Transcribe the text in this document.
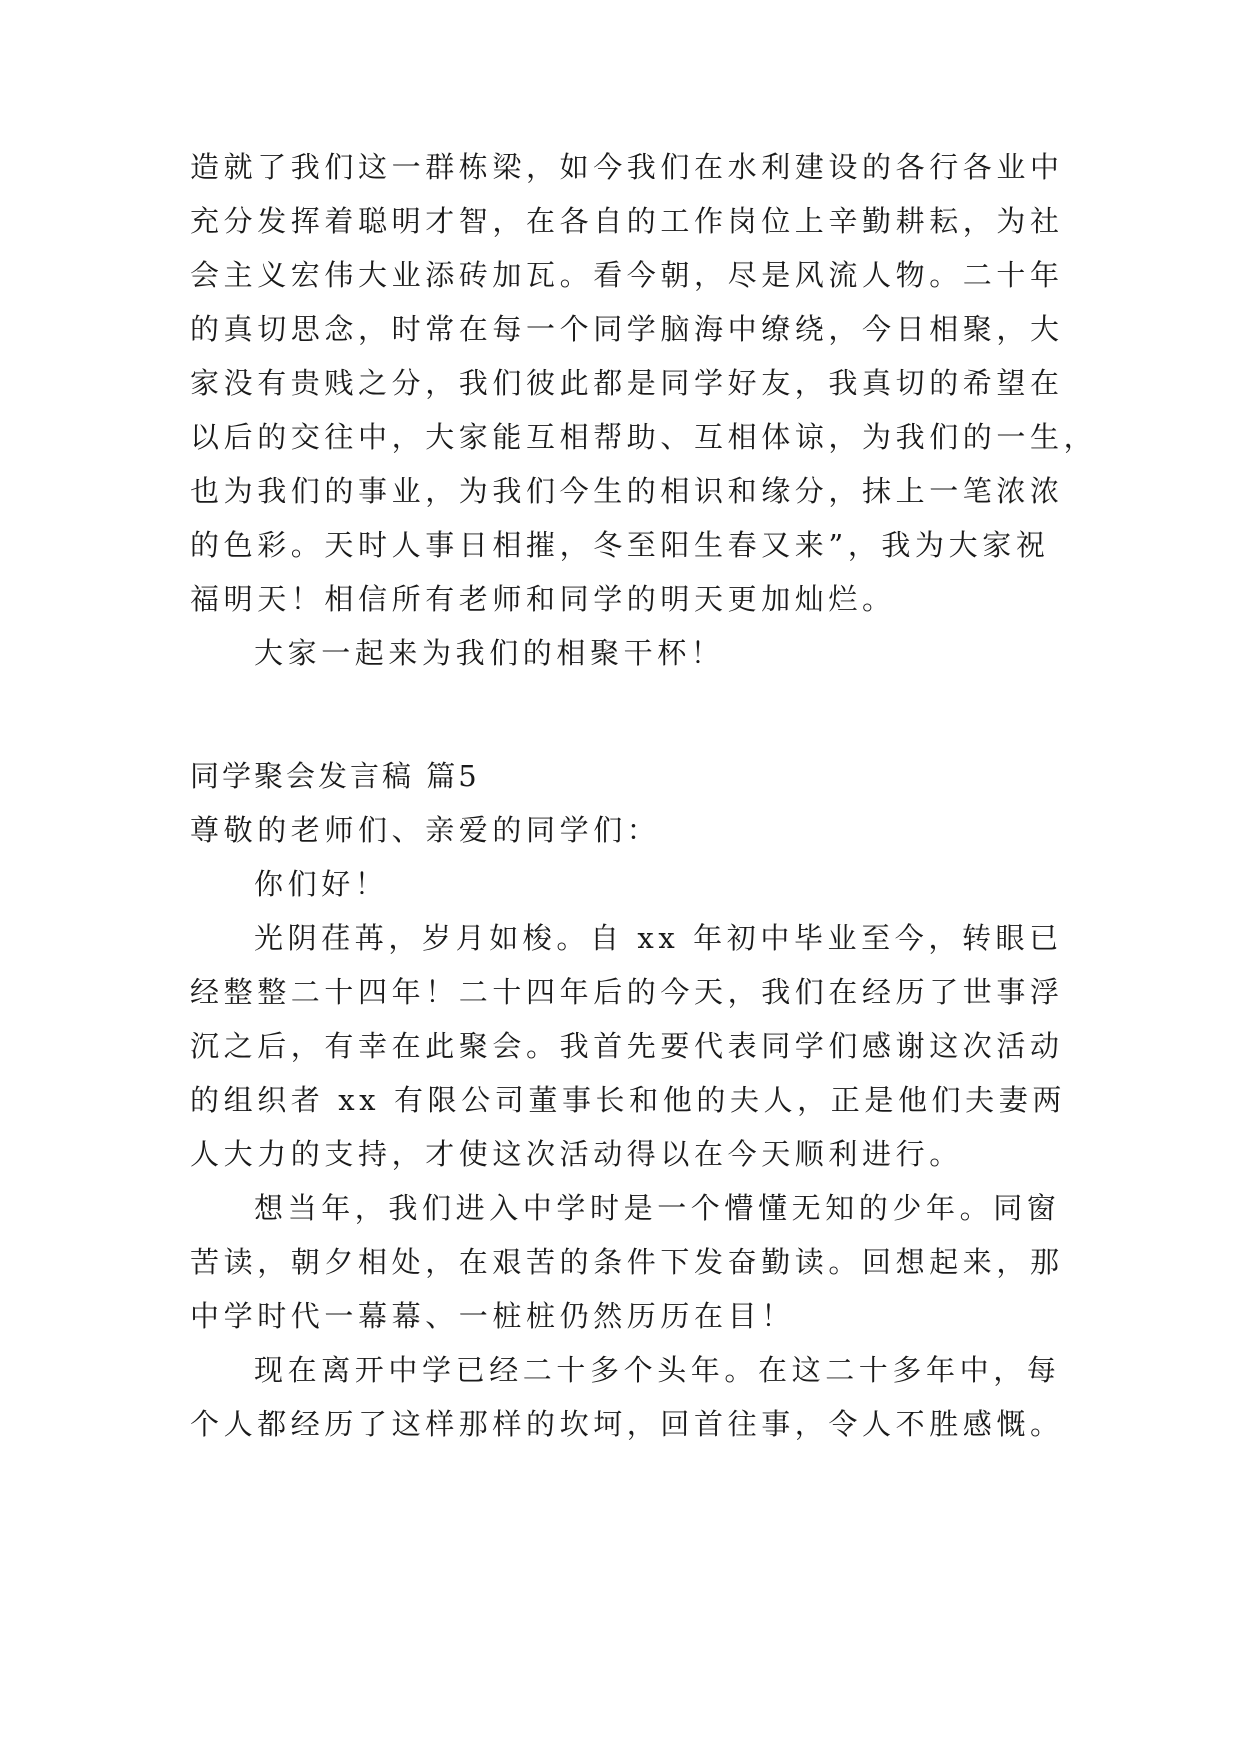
造就了我们这一群栋梁，如今我们在水利建设的各行各业中
充分发挥着聪明才智，在各自的工作岗位上辛勤耕耘，为社
会主义宏伟大业添砖加瓦。看今朝，尽是风流人物。二十年
的真切思念，时常在每一个同学脑海中缭绕，今日相聚，大
家没有贵贱之分，我们彼此都是同学好友，我真切的希望在
以后的交往中，大家能互相帮助、互相体谅，为我们的一生，
也为我们的事业，为我们今生的相识和缘分，抹上一笔浓浓
的色彩。天时人事日相摧，冬至阳生春又来”，我为大家祝
福明天！相信所有老师和同学的明天更加灿烂。
大家一起来为我们的相聚干杯！
同学聚会发言稿 篇5
尊敬的老师们、亲爱的同学们：
你们好！
光阴荏苒，岁月如梭。自 xx 年初中毕业至今，转眼已
经整整二十四年！二十四年后的今天，我们在经历了世事浮
沉之后，有幸在此聚会。我首先要代表同学们感谢这次活动
的组织者 xx 有限公司董事长和他的夫人，正是他们夫妻两
人大力的支持，才使这次活动得以在今天顺利进行。
想当年，我们进入中学时是一个懵懂无知的少年。同窗
苦读，朝夕相处，在艰苦的条件下发奋勤读。回想起来，那
中学时代一幕幕、一桩桩仍然历历在目！
现在离开中学已经二十多个头年。在这二十多年中，每
个人都经历了这样那样的坎坷，回首往事，令人不胜感慨。
